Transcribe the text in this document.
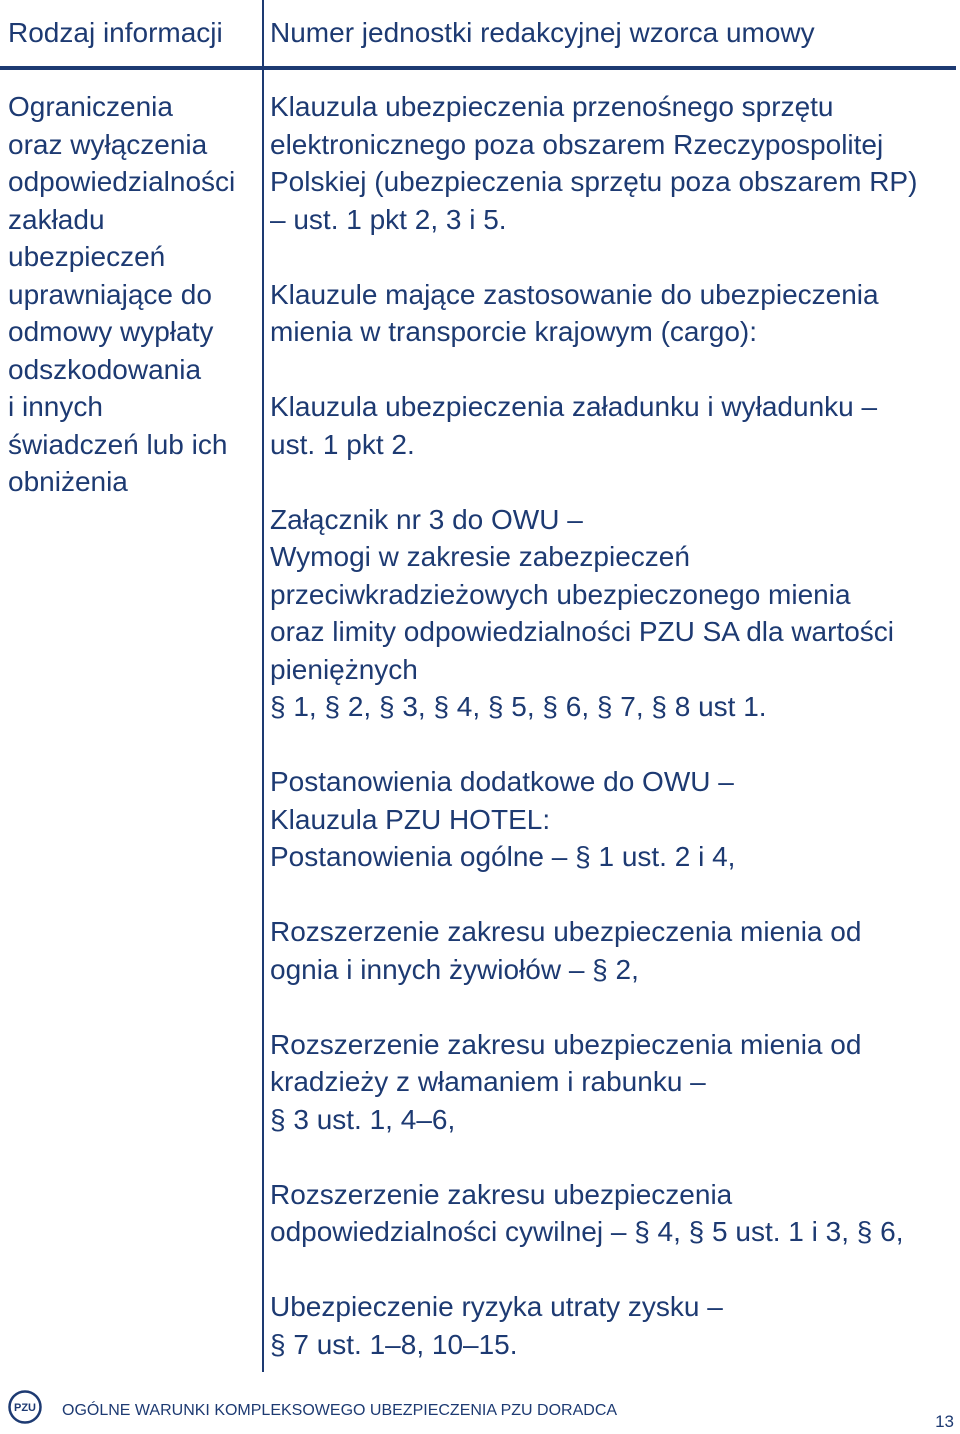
Rodzaj informacji Numer jednostki redakcyjnej wzorca umowy
Ograniczenia
oraz wyłączenia
odpowiedzialności
zakładu
ubezpieczeń
uprawniające do
odmowy wypłaty
odszkodowania
i innych
świadczeń lub ich
obniżenia
Klauzula ubezpieczenia przenośnego sprzętu
elektronicznego poza obszarem Rzeczypospolitej
Polskiej (ubezpieczenia sprzętu poza obszarem RP)
– ust. 1 pkt 2, 3 i 5.
Klauzule mające zastosowanie do ubezpieczenia
mienia w transporcie krajowym (cargo):
Klauzula ubezpieczenia załadunku i wyładunku –
ust. 1 pkt 2.
Załącznik nr 3 do OWU –
Wymogi w zakresie zabezpieczeń
przeciwkradzieżowych ubezpieczonego mienia
oraz limity odpowiedzialności PZU SA dla wartości
pieniężnych
§ 1, § 2, § 3, § 4, § 5, § 6, § 7, § 8 ust 1.
Postanowienia dodatkowe do OWU –
Klauzula PZU HOTEL:
Postanowienia ogólne – § 1 ust. 2 i 4,
Rozszerzenie zakresu ubezpieczenia mienia od
ognia i innych żywiołów – § 2,
Rozszerzenie zakresu ubezpieczenia mienia od
kradzieży z włamaniem i rabunku –
§ 3 ust. 1, 4–6,
Rozszerzenie zakresu ubezpieczenia
odpowiedzialności cywilnej – § 4, § 5 ust. 1 i 3, § 6,
Ubezpieczenie ryzyka utraty zysku –
§ 7 ust. 1–8, 10–15.
PZU OGÓLNE WARUNKI KOMPLEKSOWEGO UBEZPIECZENIA PZU DORADCA
13
